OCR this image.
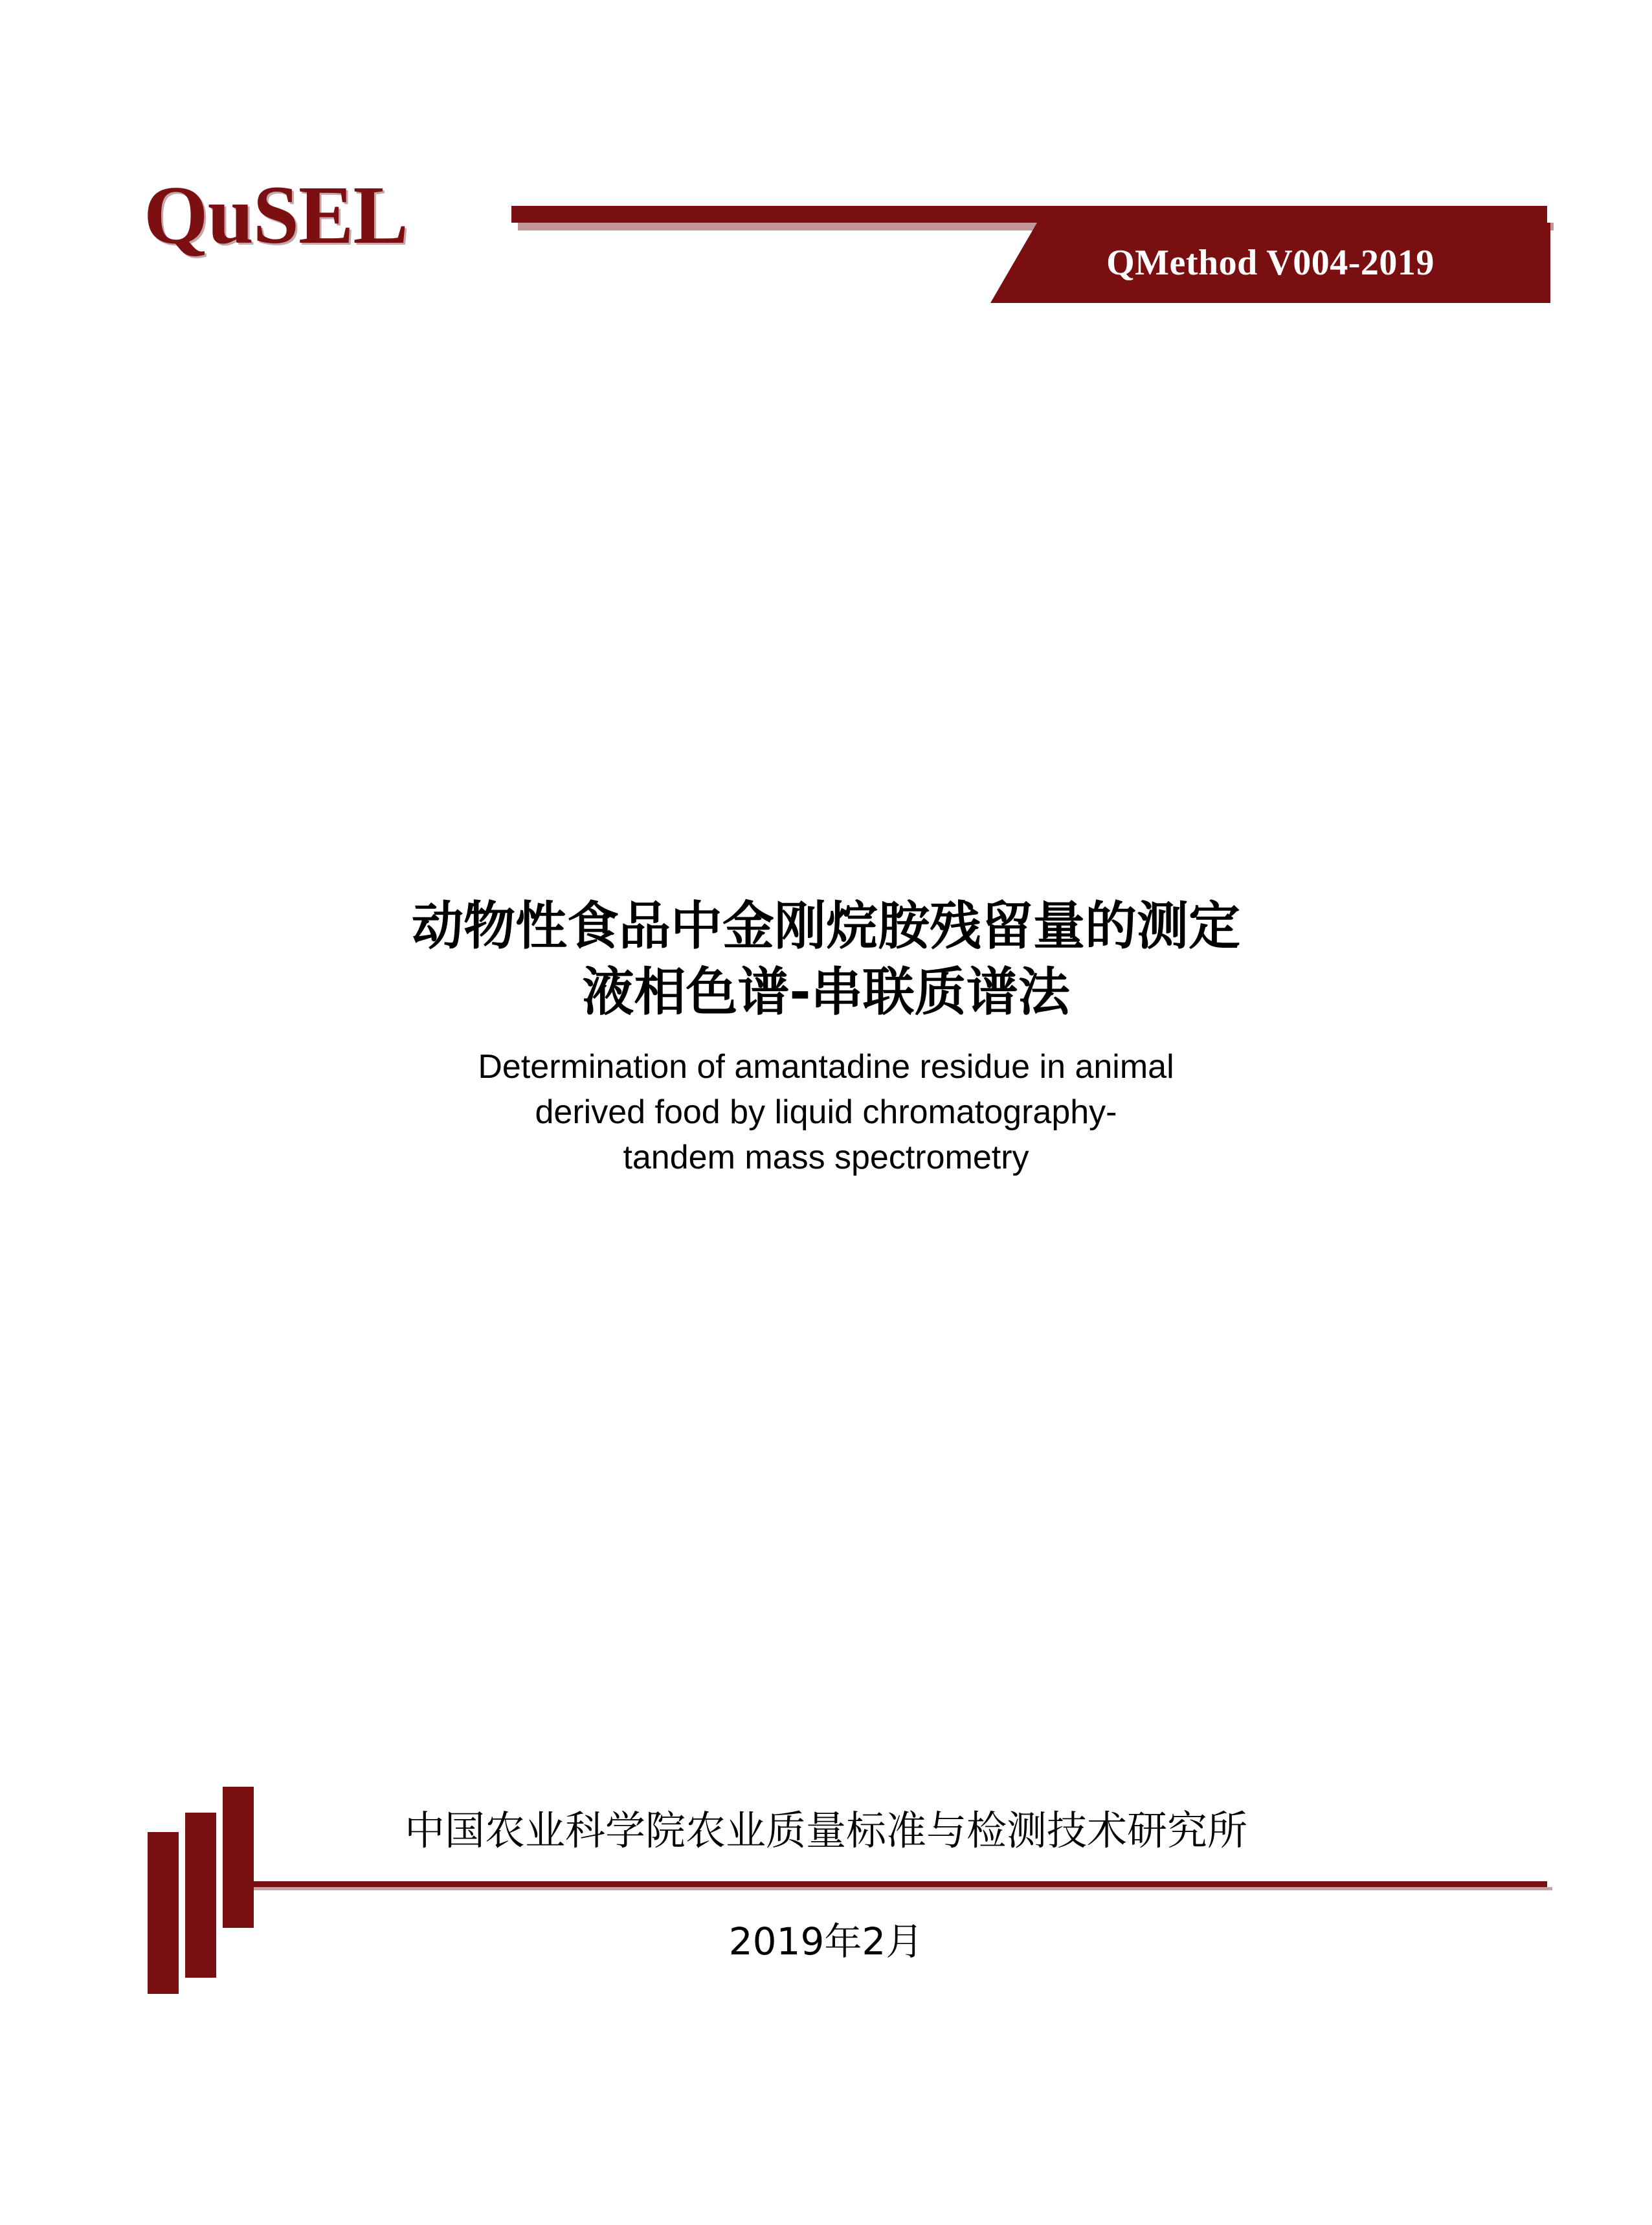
QuSEL
QMethod V004-2019
动物性食品中金刚烷胺残留量的测定
液相色谱-串联质谱法
Determination of amantadine residue in animal
derived food by liquid chromatography-
tandem mass spectrometry
中国农业科学院农业质量标准与检测技术研究所
2019年2月
